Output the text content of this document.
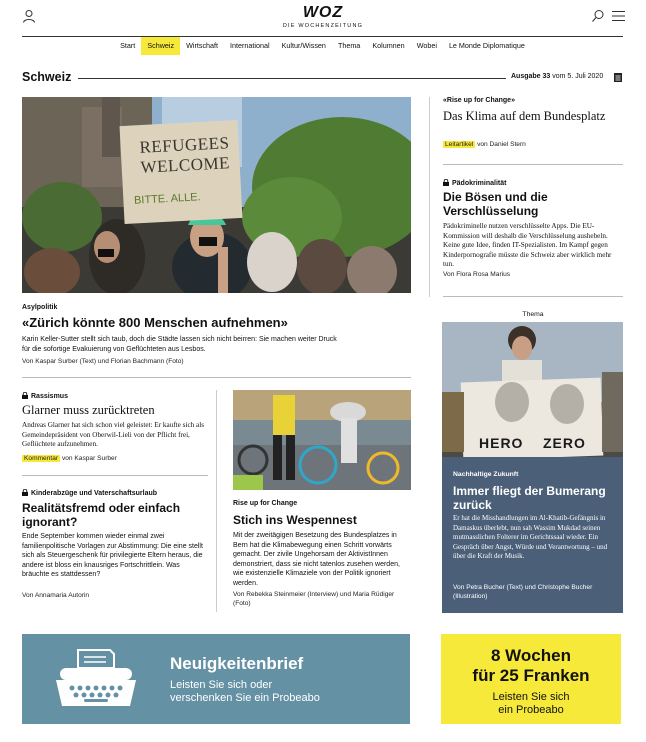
WOZ
DIE WOCHENZEITUNG
Start	Schweiz	Wirtschaft	International	Kultur/Wissen	Thema	Kolumnen	Wobei	Le Monde Diplomatique
Schweiz	Ausgabe 33 vom 5. Juli 2020
REFUGEES
WELCOME
BITTE. ALLE.
Asylpolitik
«Zürich könnte 800 Menschen aufnehmen»
Karin Keller-Sutter stellt sich taub, doch die Städte lassen sich nicht beirren: Sie machen weiter Druck für die sofortige Evakuierung von Geflüchteten aus Lesbos.
Von Kaspar Surber (Text) und Florian Bachmann (Foto)
Rassismus
Glarner muss zurücktreten
Andreas Glarner hat sich schon viel geleistet: Er kaufte sich als Gemeindepräsident von Oberwil-Lieli von der Pflicht frei, Geflüchtete aufzunehmen.
Kommentar von Kaspar Surber
Kinderabzüge und Vaterschaftsurlaub
Realitätsfremd oder einfach ignorant?
Ende September kommen wieder einmal zwei familienpolitische Vorlagen zur Abstimmung: Die eine stellt sich als Steuergeschenk für privilegierte Eltern heraus, die andere ist bloss ein knausriges Fortschrittlein. Was bräuchte es stattdessen?
Von Annamaria Autorin
Rise up for Change
Stich ins Wespennest
Mit der zweitägigen Besetzung des Bundesplatzes in Bern hat die Klimabewegung einen Schritt vorwärts gemacht. Der zivile Ungehorsam der AktivistInnen demonstriert, dass sie nicht tatenlos zusehen werden, wie existenzielle Klimaziele von der Politik ignoriert werden.
Von Rebekka Steinmeier (Interview) und Maria Rüdiger (Foto)
«Rise up for Change»
Das Klima auf dem Bundesplatz
Leitartikel von Daniel Stern
Pädokriminalität
Die Bösen und die Verschlüsselung
Pädokriminelle nutzen verschlüsselte Apps. Die EU-Kommission will deshalb die Verschlüsselung aushebeln. Keine gute Idee, finden IT-Spezialisten. Im Kampf gegen Kinderpornografie müsste die Schweiz aber wirklich mehr tun.
Von Flora Rosa Marius
Thema
HERO ZERO
Nachhaltige Zukunft
Immer fliegt der Bumerang zurück
Er hat die Misshandlungen im Al-Khatib-Gefängnis in Damaskus überlebt, nun sah Wassim Mukdad seinen mutmasslichen Folterer im Gerichtssaal wieder. Ein Gespräch über Angst, Würde und Verantwortung – und über die Kraft der Musik.
Von Petra Bucher (Text) und Christophe Bucher (Illustration)
Neuigkeitenbrief
Leisten Sie sich oder
verschenken Sie ein Probeabo
8 Wochen
für 25 Franken
Leisten Sie sich
ein Probeabo
